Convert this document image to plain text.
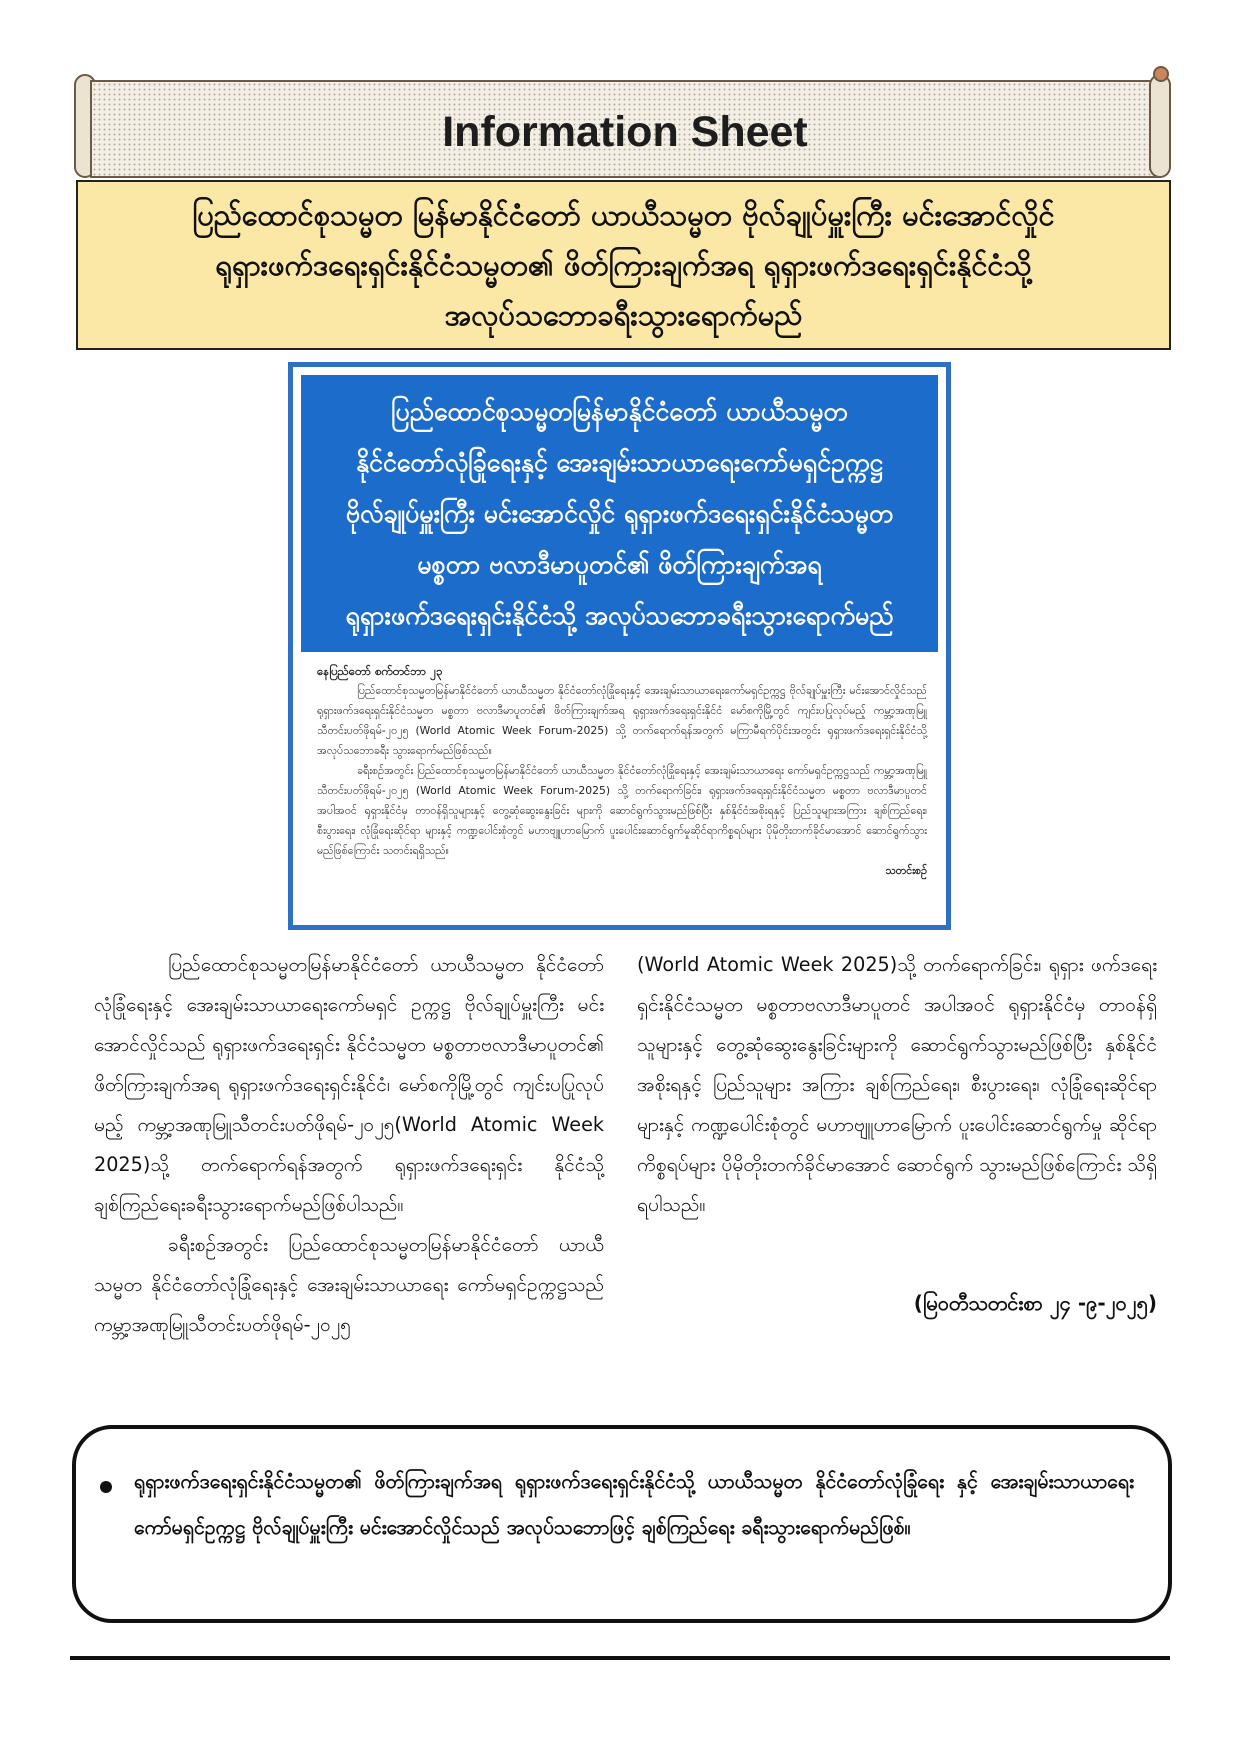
Information Sheet
ပြည်ထောင်စုသမ္မတ မြန်မာနိုင်ငံတော် ယာယီသမ္မတ ဗိုလ်ချုပ်မှူးကြီး မင်းအောင်လှိုင်
ရုရှားဖက်ဒရေးရှင်းနိုင်ငံသမ္မတ၏ ဖိတ်ကြားချက်အရ ရုရှားဖက်ဒရေးရှင်းနိုင်ငံသို့
အလုပ်သဘောခရီးသွားရောက်မည်
ပြည်ထောင်စုသမ္မတမြန်မာနိုင်ငံတော် ယာယီသမ္မတ
နိုင်ငံတော်လုံခြုံရေးနှင့် အေးချမ်းသာယာရေးကော်မရှင်ဥက္ကဋ္ဌ
ဗိုလ်ချုပ်မှူးကြီး မင်းအောင်လှိုင် ရုရှားဖက်ဒရေးရှင်းနိုင်ငံသမ္မတ
မစ္စတာ ဗလာဒီမာပူတင်၏ ဖိတ်ကြားချက်အရ
ရုရှားဖက်ဒရေးရှင်းနိုင်ငံသို့ အလုပ်သဘောခရီးသွားရောက်မည်
နေပြည်တော် စက်တင်ဘာ ၂၃

ပြည်ထောင်စုသမ္မတမြန်မာနိုင်ငံတော် ယာယီသမ္မတ နိုင်ငံတော်လုံခြုံရေးနှင့် အေးချမ်းသာယာရေးကော်မရှင်ဥက္ကဋ္ဌ ဗိုလ်ချုပ်မှူးကြီး မင်းအောင်လှိုင်သည် ရုရှားဖက်ဒရေးရှင်းနိုင်ငံသမ္မတ မစ္စတာ ဗလာဒီမာပူတင်၏ ဖိတ်ကြားချက်အရ ရုရှားဖက်ဒရေးရှင်းနိုင်ငံ မော်စကိုမြို့တွင် ကျင်းပပြုလုပ်မည့် ကမ္ဘာ့အဏုမြူသီတင်းပတ်ဖိုရမ်-၂၀၂၅ (World Atomic Week Forum-2025) သို့ တက်ရောက်ရန်အတွက် မကြာမီရက်ပိုင်းအတွင်း ရုရှားဖက်ဒရေးရှင်းနိုင်ငံသို့ အလုပ်သဘောခရီး သွားရောက်မည်ဖြစ်သည်။

ခရီးစဉ်အတွင်း ပြည်ထောင်စုသမ္မတမြန်မာနိုင်ငံတော် ယာယီသမ္မတ နိုင်ငံတော်လုံခြုံရေးနှင့် အေးချမ်းသာယာရေး ကော်မရှင်ဥက္ကဋ္ဌသည် ကမ္ဘာ့အဏုမြူသီတင်းပတ်ဖိုရမ်-၂၀၂၅ (World Atomic Week Forum-2025) သို့ တက်ရောက်ခြင်း၊ ရုရှားဖက်ဒရေးရှင်းနိုင်ငံသမ္မတ မစ္စတာ ဗလာဒီမာပူတင် အပါအဝင် ရုရှားနိုင်ငံမှ တာဝန်ရှိသူများနှင့် တွေ့ဆုံဆွေးနွေးခြင်း များကို ဆောင်ရွက်သွားမည်ဖြစ်ပြီး နှစ်နိုင်ငံအစိုးရနှင့် ပြည်သူများအကြား ချစ်ကြည်ရေး၊ စီးပွားရေး၊ လုံခြုံရေးဆိုင်ရာ များနှင့် ကဏ္ဍပေါင်းစုံတွင် မဟာဗျူဟာမြောက် ပူးပေါင်းဆောင်ရွက်မှုဆိုင်ရာကိစ္စရပ်များ ပိုမိုတိုးတက်ခိုင်မာအောင် ဆောင်ရွက်သွားမည်ဖြစ်ကြောင်း သတင်းရရှိသည်။

သတင်းစဉ်

ပြည်ထောင်စုသမ္မတမြန်မာနိုင်ငံတော် ယာယီသမ္မတ နိုင်ငံတော်လုံခြုံရေးနှင့် အေးချမ်းသာယာရေးကော်မရှင် ဥက္ကဋ္ဌ ဗိုလ်ချုပ်မှူးကြီး မင်းအောင်လှိုင်သည် ရုရှားဖက်ဒရေးရှင်း နိုင်ငံသမ္မတ မစ္စတာဗလာဒီမာပူတင်၏ ဖိတ်ကြားချက်အရ ရုရှားဖက်ဒရေးရှင်းနိုင်ငံ၊ မော်စကိုမြို့တွင် ကျင်းပပြုလုပ်မည့် ကမ္ဘာ့အဏုမြူသီတင်းပတ်ဖိုရမ်-၂၀၂၅(World Atomic Week 2025)သို့ တက်ရောက်ရန်အတွက် ရုရှားဖက်ဒရေးရှင်း နိုင်ငံသို့ ချစ်ကြည်ရေးခရီးသွားရောက်မည်ဖြစ်ပါသည်။

ခရီးစဉ်အတွင်း ပြည်ထောင်စုသမ္မတမြန်မာနိုင်ငံတော် ယာယီသမ္မတ နိုင်ငံတော်လုံခြုံရေးနှင့် အေးချမ်းသာယာရေး ကော်မရှင်ဥက္ကဋ္ဌသည် ကမ္ဘာ့အဏုမြူသီတင်းပတ်ဖိုရမ်-၂၀၂၅

(World Atomic Week 2025)သို့ တက်ရောက်ခြင်း၊ ရုရှား ဖက်ဒရေးရှင်းနိုင်ငံသမ္မတ မစ္စတာဗလာဒီမာပူတင် အပါအဝင် ရုရှားနိုင်ငံမှ တာဝန်ရှိသူများနှင့် တွေ့ဆုံဆွေးနွေးခြင်းများကို ဆောင်ရွက်သွားမည်ဖြစ်ပြီး နှစ်နိုင်ငံအစိုးရနှင့် ပြည်သူများ အကြား ချစ်ကြည်ရေး၊ စီးပွားရေး၊ လုံခြုံရေးဆိုင်ရာများနှင့် ကဏ္ဍပေါင်းစုံတွင် မဟာဗျူဟာမြောက် ပူးပေါင်းဆောင်ရွက်မှု ဆိုင်ရာကိစ္စရပ်များ ပိုမိုတိုးတက်ခိုင်မာအောင် ဆောင်ရွက် သွားမည်ဖြစ်ကြောင်း သိရှိရပါသည်။

(မြဝတီသတင်းစာ ၂၄ -၉-၂၀၂၅)
ရုရှားဖက်ဒရေးရှင်းနိုင်ငံသမ္မတ၏ ဖိတ်ကြားချက်အရ ရုရှားဖက်ဒရေးရှင်းနိုင်ငံသို့ ယာယီသမ္မတ နိုင်ငံတော်လုံခြုံရေး နှင့် အေးချမ်းသာယာရေးကော်မရှင်ဥက္ကဋ္ဌ ဗိုလ်ချုပ်မှူးကြီး မင်းအောင်လှိုင်သည် အလုပ်သဘောဖြင့် ချစ်ကြည်ရေး ခရီးသွားရောက်မည်ဖြစ်။
